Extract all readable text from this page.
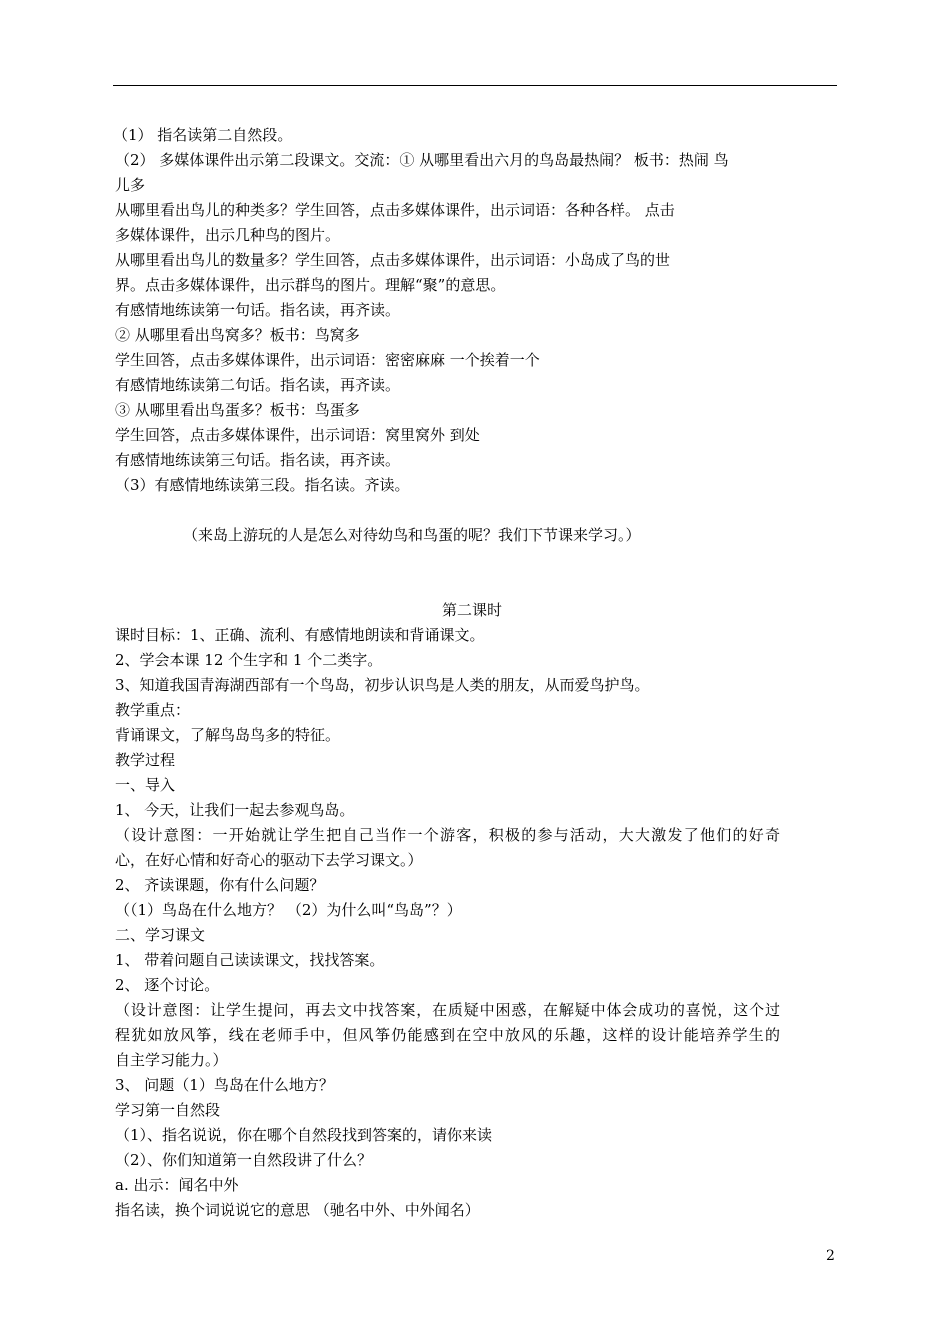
（1） 指名读第二自然段。
（2） 多媒体课件出示第二段课文。交流：① 从哪里看出六月的鸟岛最热闹？ 板书：热闹 鸟
儿多
从哪里看出鸟儿的种类多？学生回答，点击多媒体课件，出示词语：各种各样。 点击
多媒体课件，出示几种鸟的图片。
从哪里看出鸟儿的数量多？学生回答，点击多媒体课件，出示词语：小岛成了鸟的世
界。点击多媒体课件，出示群鸟的图片。理解“聚”的意思。
有感情地练读第一句话。指名读，再齐读。
② 从哪里看出鸟窝多？板书：鸟窝多
学生回答，点击多媒体课件，出示词语：密密麻麻 一个挨着一个
有感情地练读第二句话。指名读，再齐读。
③ 从哪里看出鸟蛋多？板书：鸟蛋多
学生回答，点击多媒体课件，出示词语：窝里窝外 到处
有感情地练读第三句话。指名读，再齐读。
（3）有感情地练读第三段。指名读。齐读。
（来岛上游玩的人是怎么对待幼鸟和鸟蛋的呢？我们下节课来学习。）
第二课时
课时目标：1、正确、流利、有感情地朗读和背诵课文。
2、学会本课 12 个生字和 1 个二类字。
3、知道我国青海湖西部有一个鸟岛，初步认识鸟是人类的朋友，从而爱鸟护鸟。
教学重点：
背诵课文，了解鸟岛鸟多的特征。
教学过程
一、导入
1、 今天，让我们一起去参观鸟岛。
（设计意图：一开始就让学生把自己当作一个游客，积极的参与活动，大大激发了他们的好奇
心，在好心情和好奇心的驱动下去学习课文。）
2、 齐读课题，你有什么问题？
（（1）鸟岛在什么地方？ （2）为什么叫“鸟岛”？）
二、学习课文
1、 带着问题自己读读课文，找找答案。
2、 逐个讨论。
（设计意图：让学生提问，再去文中找答案，在质疑中困惑，在解疑中体会成功的喜悦，这个过
程犹如放风筝，线在老师手中，但风筝仍能感到在空中放风的乐趣，这样的设计能培养学生的
自主学习能力。）
3、 问题（1）鸟岛在什么地方？
学习第一自然段
（1）、指名说说，你在哪个自然段找到答案的，请你来读
（2）、你们知道第一自然段讲了什么？
a. 出示：闻名中外
指名读，换个词说说它的意思 （驰名中外、中外闻名）
2
